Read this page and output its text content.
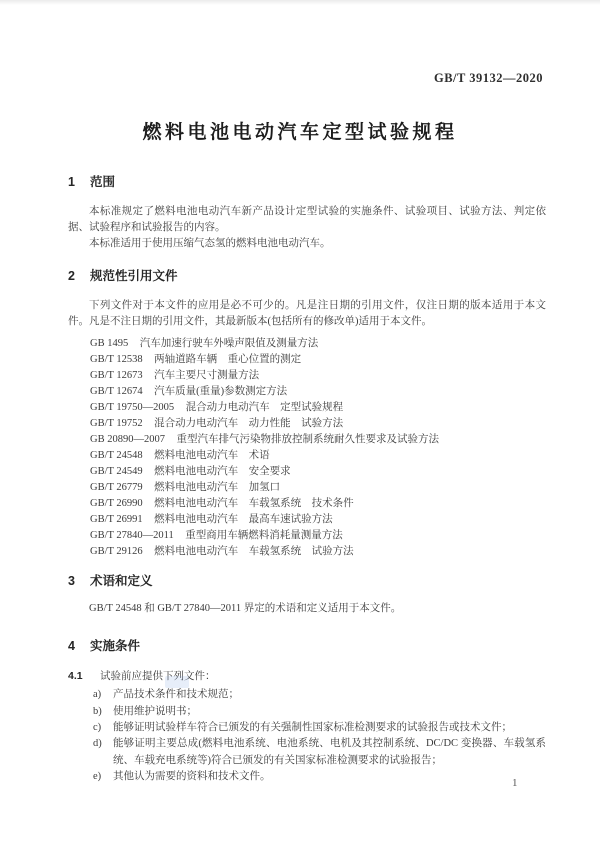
GB/T 39132—2020
燃料电池电动汽车定型试验规程
1	范围

本标准规定了燃料电池电动汽车新产品设计定型试验的实施条件、试验项目、试验方法、判定依据、试验程序和试验报告的内容。

本标准适用于使用压缩气态氢的燃料电池电动汽车。

2	规范性引用文件

下列文件对于本文件的应用是必不可少的。凡是注日期的引用文件，仅注日期的版本适用于本文件。凡是不注日期的引用文件，其最新版本(包括所有的修改单)适用于本文件。

GB 1495 汽车加速行驶车外噪声限值及测量方法
GB/T 12538 两轴道路车辆　重心位置的测定
GB/T 12673 汽车主要尺寸测量方法
GB/T 12674 汽车质量(重量)参数测定方法
GB/T 19750—2005 混合动力电动汽车　定型试验规程
GB/T 19752 混合动力电动汽车　动力性能　试验方法
GB 20890—2007 重型汽车排气污染物排放控制系统耐久性要求及试验方法
GB/T 24548 燃料电池电动汽车　术语
GB/T 24549 燃料电池电动汽车　安全要求
GB/T 26779 燃料电池电动汽车　加氢口
GB/T 26990 燃料电池电动汽车　车载氢系统　技术条件
GB/T 26991 燃料电池电动汽车　最高车速试验方法
GB/T 27840—2011 重型商用车辆燃料消耗量测量方法
GB/T 29126 燃料电池电动汽车　车载氢系统　试验方法
3	术语和定义

GB/T 24548 和 GB/T 27840—2011 界定的术语和定义适用于本文件。

4	实施条件

4.1 试验前应提供下列文件：

a)	产品技术条件和技术规范；
b)	使用维护说明书；
c)	能够证明试验样车符合已颁发的有关强制性国家标准检测要求的试验报告或技术文件；
d)	能够证明主要总成(燃料电池系统、电池系统、电机及其控制系统、DC/DC 变换器、车载氢系统、车载充电系统等)符合已颁发的有关国家标准检测要求的试验报告；
e)	其他认为需要的资料和技术文件。
1
